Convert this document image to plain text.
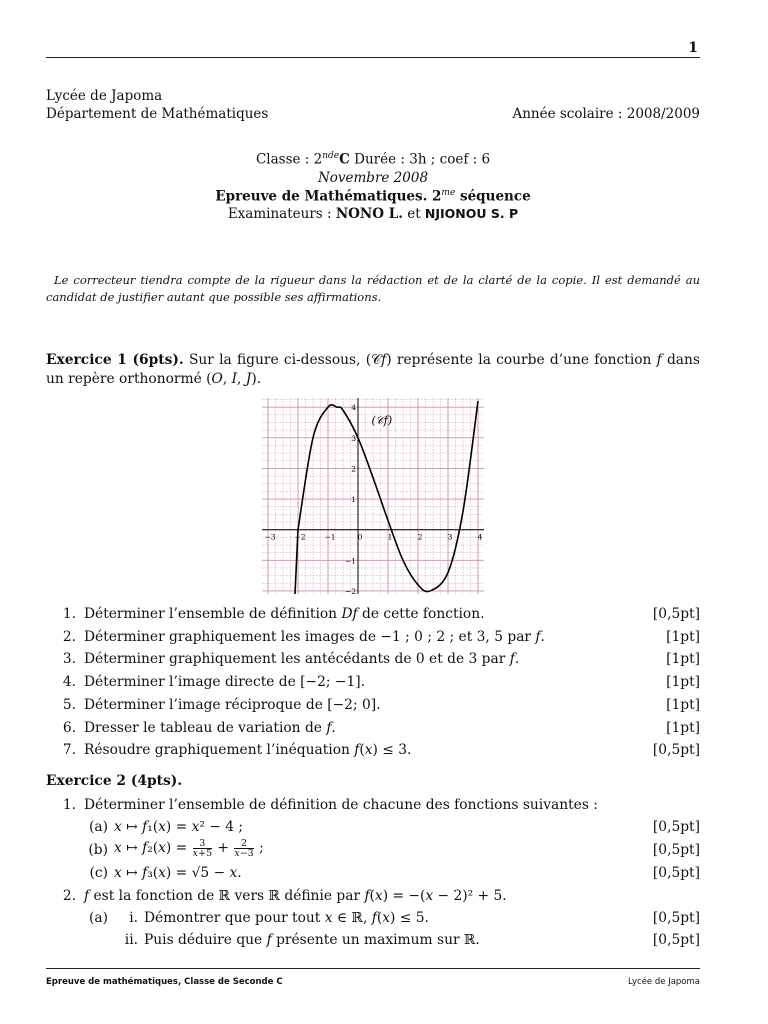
1
Lycée de Japoma
Département de Mathématiques	Année scolaire : 2008/2009
Classe : 2ndeC Durée : 3h ; coef : 6
Novembre 2008
Epreuve de Mathématiques. $2^{me}$ séquence
Examinateurs : NONO L. et NJIONOU S. P
Le correcteur tiendra compte de la rigueur dans la rédaction et de la clarté de la copie. Il est demandé au candidat de justifier autant que possible ses affirmations.
Exercice 1 (6pts). Sur la figure ci-dessous, (𝒞𝑓) représente la courbe d’une fonction 𝑓 dans un repère orthonormé (𝑂, 𝐼, 𝐽).
−3	−2	−1	0	1	2	3	4
4
3
2
1
−1
−2
(𝒞𝑓)
1. Déterminer l’ensemble de définition 𝐷𝑓 de cette fonction.	[0,5pt]
2. Déterminer graphiquement les images de −1 ; 0 ; 2 ; et 3, 5 par 𝑓.	[1pt]
3. Déterminer graphiquement les antécédants de 0 et de 3 par 𝑓.	[1pt]
4. Déterminer l’image directe de [−2; −1].	[1pt]
5. Déterminer l’image réciproque de [−2; 0].	[1pt]
6. Dresser le tableau de variation de 𝑓.	[1pt]
7. Résoudre graphiquement l’inéquation 𝑓(𝑥) ≤ 3.	[0,5pt]
Exercice 2 (4pts).
1. Déterminer l’ensemble de définition de chacune des fonctions suivantes :
(a) 𝑥 ↦ 𝑓₁(𝑥) = 𝑥² − 4 ;	[0,5pt]
(b) 𝑥 ↦ 𝑓₂(𝑥) = $\frac{3}{\text{𝑥+5}} + \frac{2}{\text{𝑥−3}}$ ;	[0,5pt]
(c) 𝑥 ↦ 𝑓₃(𝑥) = √5 − 𝑥.	[0,5pt]
2. 𝑓 est la fonction de ℝ vers ℝ définie par 𝑓(𝑥) = −(𝑥 − 2)² + 5.
(a)	i. Démontrer que pour tout 𝑥 ∈ ℝ, 𝑓(𝑥) ≤ 5.	[0,5pt]
ii. Puis déduire que 𝑓 présente un maximum sur ℝ.	[0,5pt]
Epreuve de mathématiques, Classe de Seconde C	Lycée de Japoma
